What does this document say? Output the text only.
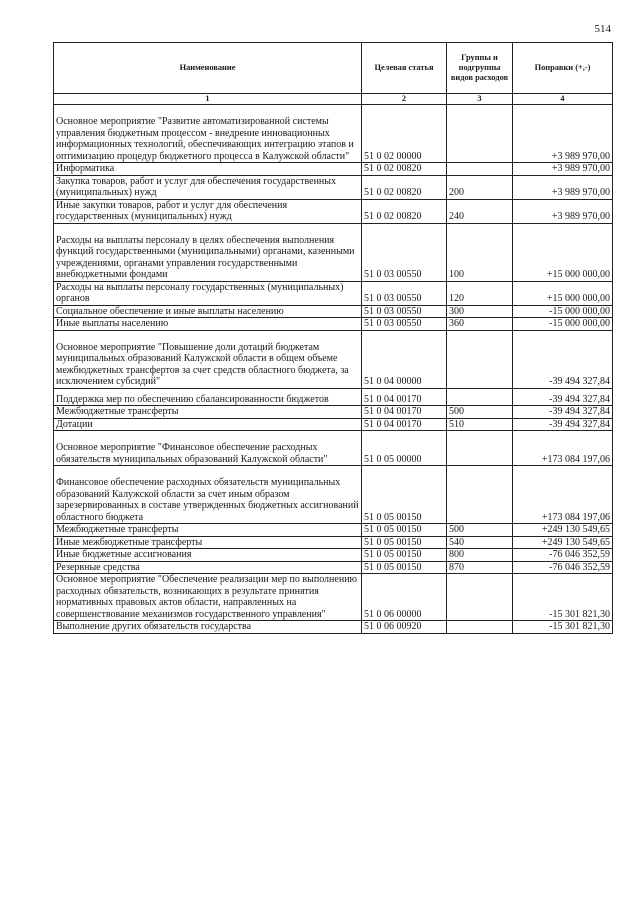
514
Наименование	Целевая статья	Группы и подгруппы видов расходов	Поправки (+,-)
1	2	3	4

Основное мероприятие "Развитие автоматизированной системы управления бюджетным процессом - внедрение инновационных информационных технологий, обеспечивающих интеграцию этапов и оптимизацию процедур бюджетного процесса в Калужской области"	51 0 02 00000		+3 989 970,00
Информатика	51 0 02 00820		+3 989 970,00
Закупка товаров, работ и услуг для обеспечения государственных (муниципальных) нужд	51 0 02 00820	200	+3 989 970,00
Иные закупки товаров, работ и услуг для обеспечения государственных (муниципальных) нужд	51 0 02 00820	240	+3 989 970,00

Расходы на выплаты персоналу в целях обеспечения выполнения функций государственными (муниципальными) органами, казенными учреждениями, органами управления государственными внебюджетными фондами	51 0 03 00550	100	+15 000 000,00
Расходы на выплаты персоналу государственных (муниципальных) органов	51 0 03 00550	120	+15 000 000,00
Социальное обеспечение и иные выплаты населению	51 0 03 00550	300	-15 000 000,00
Иные выплаты населению	51 0 03 00550	360	-15 000 000,00

Основное мероприятие "Повышение доли дотаций бюджетам муниципальных образований Калужской области в общем объеме межбюджетных трансфертов за счет средств областного бюджета, за исключением субсидий"	51 0 04 00000		-39 494 327,84

Поддержка мер по обеспечению сбалансированности бюджетов	51 0 04 00170		-39 494 327,84
Межбюджетные трансферты	51 0 04 00170	500	-39 494 327,84
Дотации	51 0 04 00170	510	-39 494 327,84

Основное мероприятие "Финансовое обеспечение расходных обязательств муниципальных образований Калужской области"	51 0 05 00000		+173 084 197,06

Финансовое обеспечение расходных обязательств муниципальных образований Калужской области за счет иным образом зарезервированных в составе утвержденных бюджетных ассигнований областного бюджета	51 0 05 00150		+173 084 197,06
Межбюджетные трансферты	51 0 05 00150	500	+249 130 549,65
Иные межбюджетные трансферты	51 0 05 00150	540	+249 130 549,65
Иные бюджетные ассигнования	51 0 05 00150	800	-76 046 352,59
Резервные средства	51 0 05 00150	870	-76 046 352,59
Основное мероприятие "Обеспечение реализации мер по выполнению расходных обязательств, возникающих в результате принятия нормативных правовых актов области, направленных на совершенствование механизмов государственного управления"	51 0 06 00000		-15 301 821,30
Выполнение других обязательств государства	51 0 06 00920		-15 301 821,30
